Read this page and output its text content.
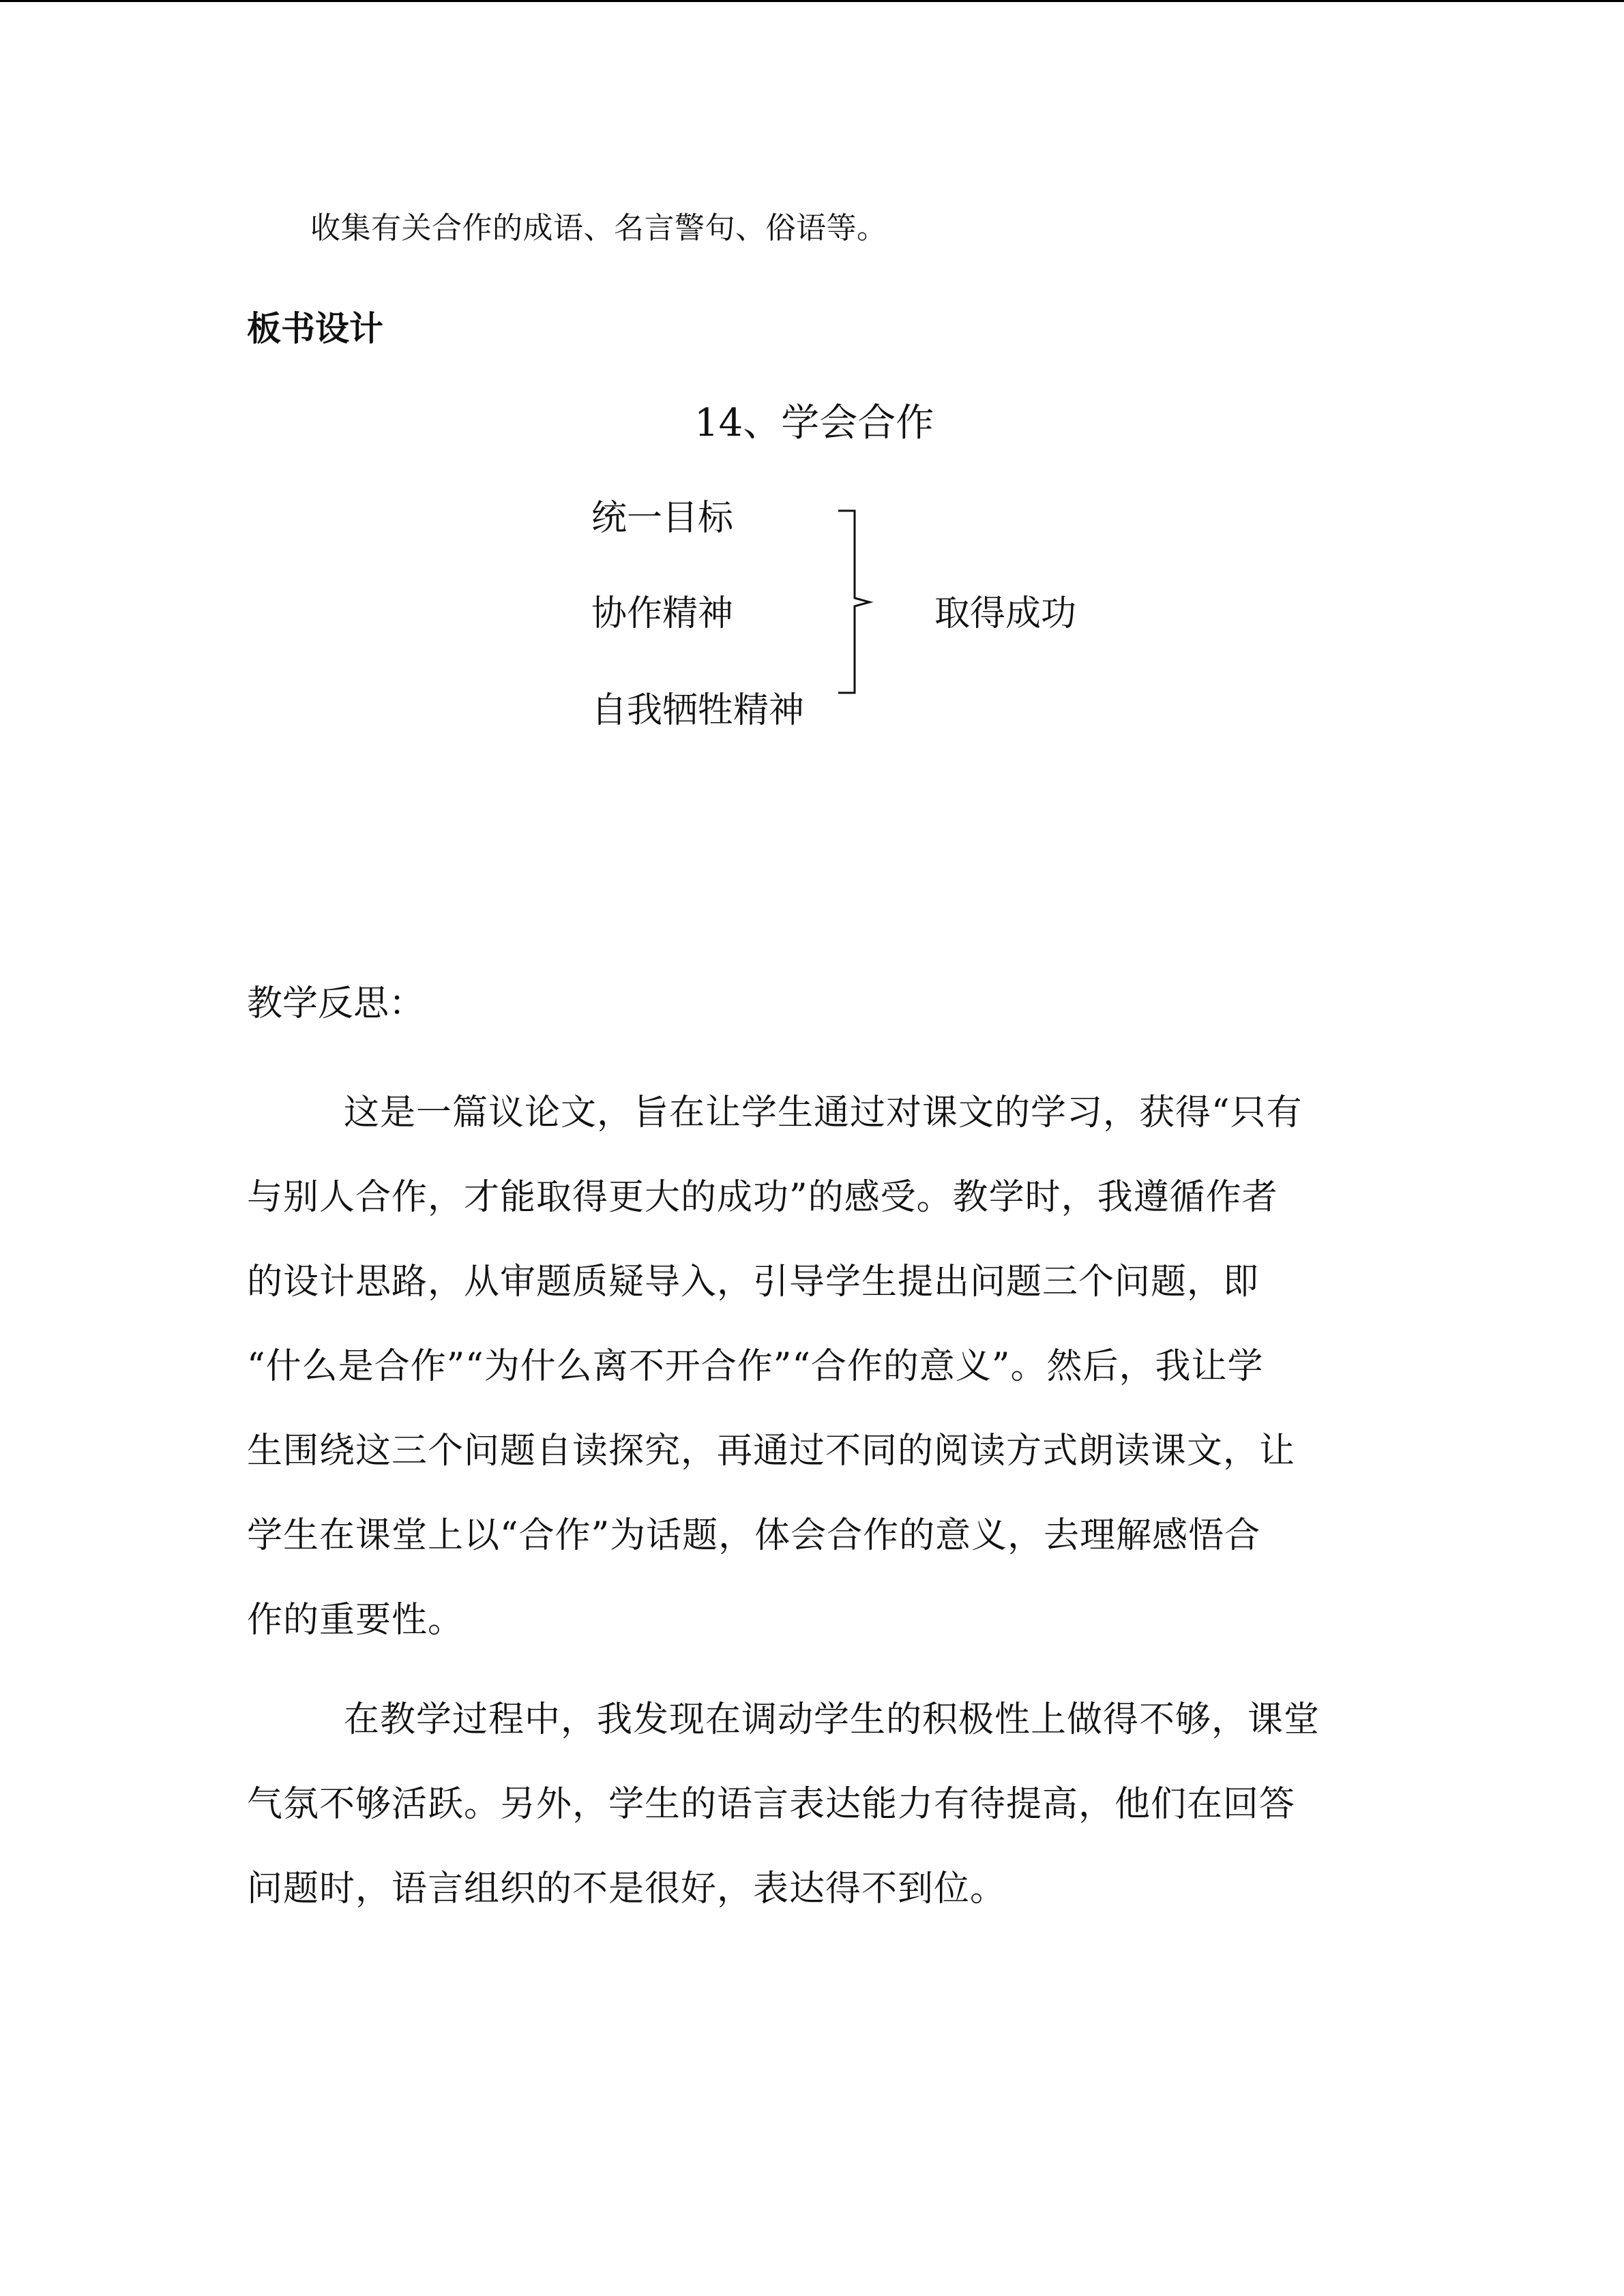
收集有关合作的成语、名言警句、俗语等。
板书设计
14、学会合作
统一目标
协作精神
自我牺牲精神
取得成功
教学反思：
这是一篇议论文，旨在让学生通过对课文的学习，获得“只有
与别人合作，才能取得更大的成功”的感受。教学时，我遵循作者
的设计思路，从审题质疑导入，引导学生提出问题三个问题，即
“什么是合作”“为什么离不开合作”“合作的意义”。然后，我让学
生围绕这三个问题自读探究，再通过不同的阅读方式朗读课文，让
学生在课堂上以“合作”为话题，体会合作的意义，去理解感悟合
作的重要性。
在教学过程中，我发现在调动学生的积极性上做得不够，课堂
气氛不够活跃。另外，学生的语言表达能力有待提高，他们在回答
问题时，语言组织的不是很好，表达得不到位。
